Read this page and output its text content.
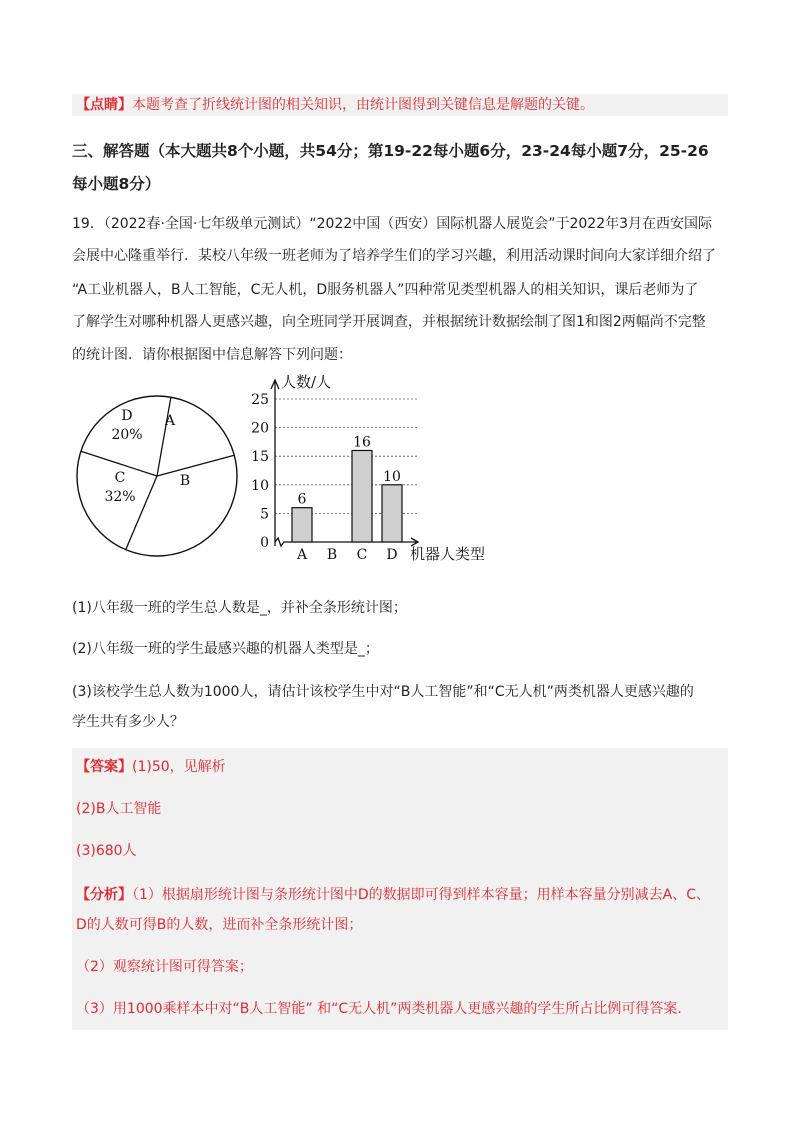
【点睛】本题考查了折线统计图的相关知识，由统计图得到关键信息是解题的关键。
三、解答题（本大题共8个小题，共54分；第19-22每小题6分，23-24每小题7分，25-26
每小题8分）
19．（2022春·全国·七年级单元测试）“2022中国（西安）国际机器人展览会”于2022年3月在西安国际
会展中心隆重举行．某校八年级一班老师为了培养学生们的学习兴趣，利用活动课时间向大家详细介绍了
“A工业机器人，B人工智能，C无人机，D服务机器人”四种常见类型机器人的相关知识，课后老师为了
了解学生对哪种机器人更感兴趣，向全班同学开展调查，并根据统计数据绘制了图1和图2两幅尚不完整
的统计图．请你根据图中信息解答下列问题：
A
B
C
32%
D
20%
0
5
10
15
20
25
人数/人
机器人类型
A
6
B C
16
D
10
(1)八年级一班的学生总人数是_，并补全条形统计图；
(2)八年级一班的学生最感兴趣的机器人类型是_；
(3)该校学生总人数为1000人，请估计该校学生中对“B人工智能”和“C无人机”两类机器人更感兴趣的
学生共有多少人？
【答案】(1)50，见解析
(2)B人工智能
(3)680人
【分析】（1）根据扇形统计图与条形统计图中D的数据即可得到样本容量；用样本容量分别减去A、C、
D的人数可得B的人数，进而补全条形统计图；
（2）观察统计图可得答案；
（3）用1000乘样本中对“B人工智能” 和“C无人机”两类机器人更感兴趣的学生所占比例可得答案．
